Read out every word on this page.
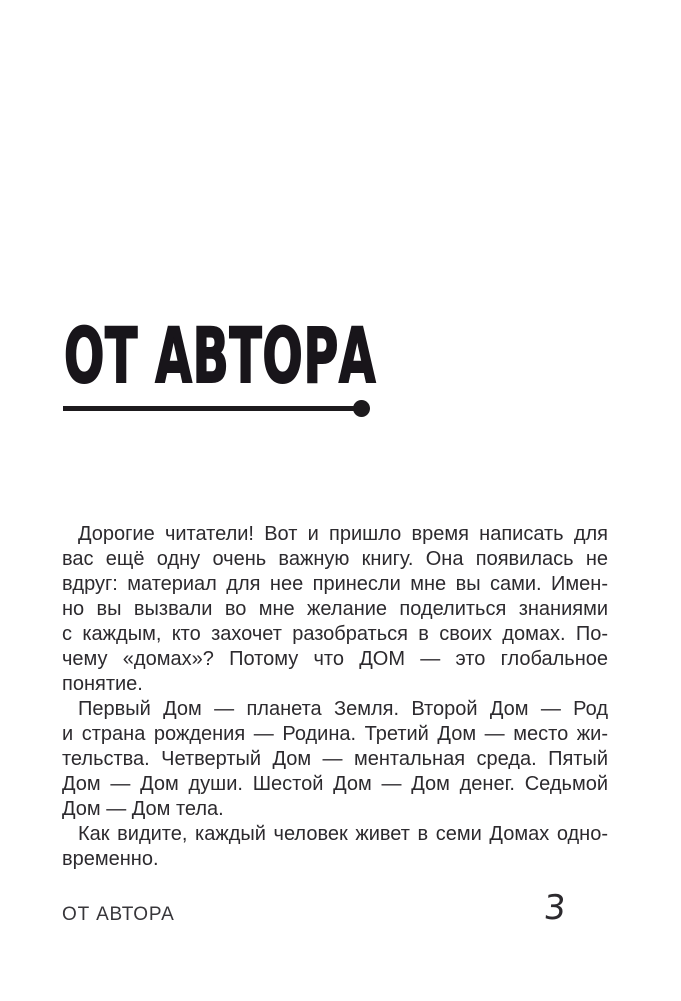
ОТ АВТОРА
Дорогие читатели! Вот и пришло время написать для
вас ещё одну очень важную книгу. Она появилась не
вдруг: материал для нее принесли мне вы сами. Имен-
но вы вызвали во мне желание поделиться знаниями
с каждым, кто захочет разобраться в своих домах. По-
чему «домах»? Потому что ДОМ — это глобальное
понятие.
Первый Дом — планета Земля. Второй Дом — Род
и страна рождения — Родина. Третий Дом — место жи-
тельства. Четвертый Дом — ментальная среда. Пятый
Дом — Дом души. Шестой Дом — Дом денег. Седьмой
Дом — Дом тела.
Как видите, каждый человек живет в семи Домах одно-
временно.
ОТ АВТОРА	3
